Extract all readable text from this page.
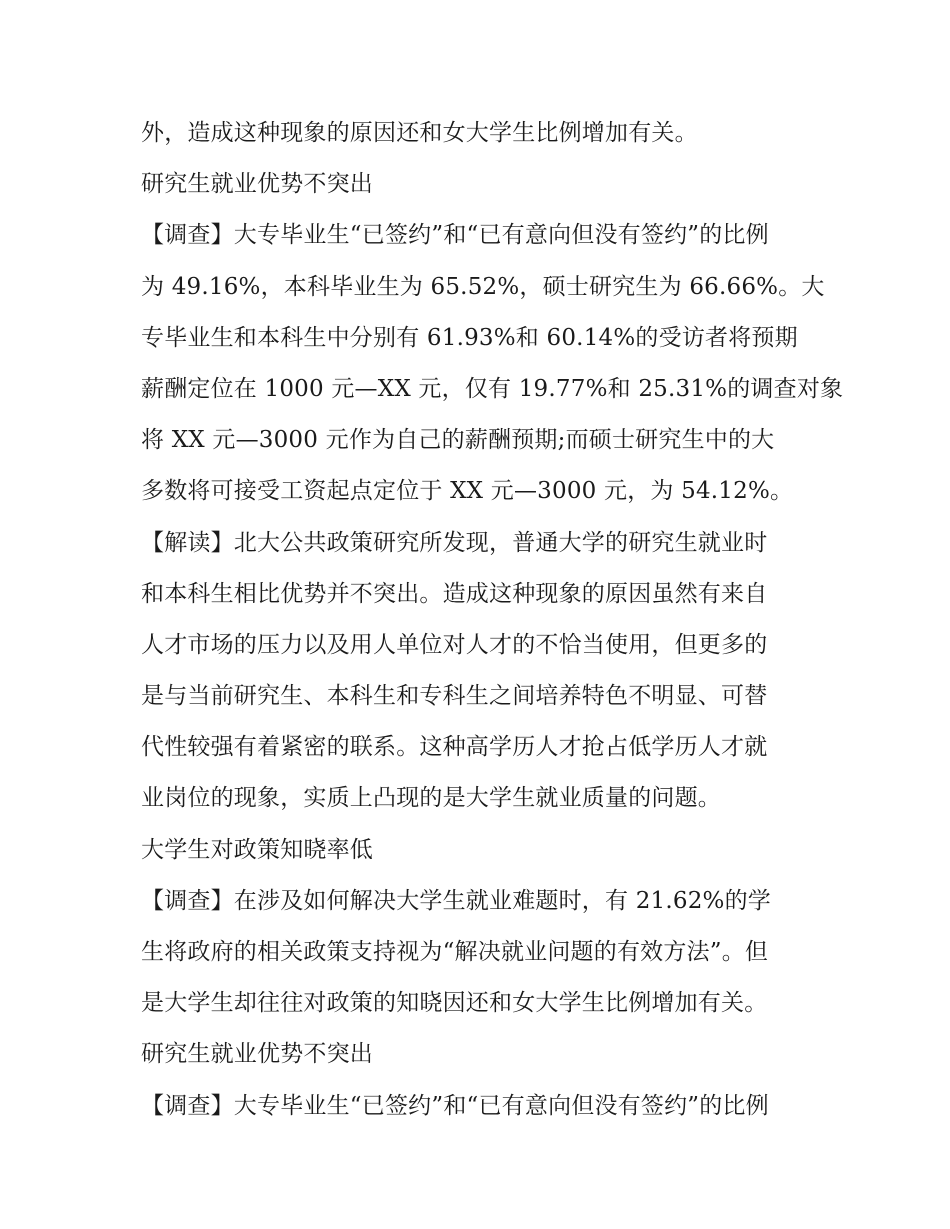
外，造成这种现象的原因还和女大学生比例增加有关。
研究生就业优势不突出
【调查】大专毕业生“已签约”和“已有意向但没有签约”的比例
为 49.16%，本科毕业生为 65.52%，硕士研究生为 66.66%。大
专毕业生和本科生中分别有 61.93%和 60.14%的受访者将预期
薪酬定位在 1000 元—XX 元，仅有 19.77%和 25.31%的调查对象
将 XX 元—3000 元作为自己的薪酬预期;而硕士研究生中的大
多数将可接受工资起点定位于 XX 元—3000 元，为 54.12%。
【解读】北大公共政策研究所发现，普通大学的研究生就业时
和本科生相比优势并不突出。造成这种现象的原因虽然有来自
人才市场的压力以及用人单位对人才的不恰当使用，但更多的
是与当前研究生、本科生和专科生之间培养特色不明显、可替
代性较强有着紧密的联系。这种高学历人才抢占低学历人才就
业岗位的现象，实质上凸现的是大学生就业质量的问题。
大学生对政策知晓率低
【调查】在涉及如何解决大学生就业难题时，有 21.62%的学
生将政府的相关政策支持视为“解决就业问题的有效方法”。但
是大学生却往往对政策的知晓因还和女大学生比例增加有关。
研究生就业优势不突出
【调查】大专毕业生“已签约”和“已有意向但没有签约”的比例
